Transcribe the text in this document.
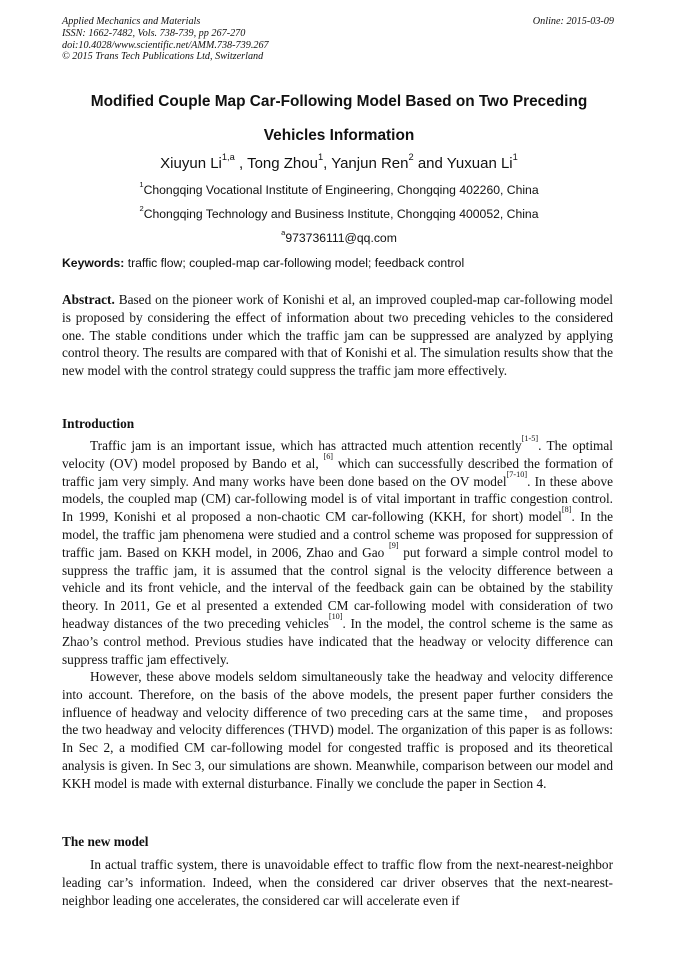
Applied Mechanics and Materials
ISSN: 1662-7482, Vols. 738-739, pp 267-270
doi:10.4028/www.scientific.net/AMM.738-739.267
© 2015 Trans Tech Publications Ltd, Switzerland
Online: 2015-03-09
Modified Couple Map Car-Following Model Based on Two Preceding
Vehicles Information
Xiuyun Li$^{1,a}$ , Tong Zhou$^1$, Yanjun Ren$^2$ and Yuxuan Li$^1$
$^1$Chongqing Vocational Institute of Engineering, Chongqing 402260, China
$^2$Chongqing Technology and Business Institute, Chongqing 400052, China
$^a$973736111@qq.com
Keywords: traffic flow; coupled-map car-following model; feedback control

Abstract. Based on the pioneer work of Konishi et al, an improved coupled-map car-following model is proposed by considering the effect of information about two preceding vehicles to the considered one. The stable conditions under which the traffic jam can be suppressed are analyzed by applying control theory. The results are compared with that of Konishi et al. The simulation results show that the new model with the control strategy could suppress the traffic jam more effectively.

Introduction

Traffic jam is an important issue, which has attracted much attention recently[1-5]. The optimal velocity (OV) model proposed by Bando et al, [6] which can successfully described the formation of traffic jam very simply. And many works have been done based on the OV model[7-10]. In these above models, the coupled map (CM) car-following model is of vital important in traffic congestion control. In 1999, Konishi et al proposed a non-chaotic CM car-following (KKH, for short) model[8]. In the model, the traffic jam phenomena were studied and a control scheme was proposed for suppression of traffic jam. Based on KKH model, in 2006, Zhao and Gao [9] put forward a simple control model to suppress the traffic jam, it is assumed that the control signal is the velocity difference between a vehicle and its front vehicle, and the interval of the feedback gain can be obtained by the stability theory. In 2011, Ge et al presented a extended CM car-following model with consideration of two headway distances of the two preceding vehicles[10]. In the model, the control scheme is the same as Zhao’s control method. Previous studies have indicated that the headway or velocity difference can suppress traffic jam effectively.

However, these above models seldom simultaneously take the headway and velocity difference into account. Therefore, on the basis of the above models, the present paper further considers the influence of headway and velocity difference of two preceding cars at the same time， and proposes the two headway and velocity differences (THVD) model. The organization of this paper is as follows: In Sec 2, a modified CM car-following model for congested traffic is proposed and its theoretical analysis is given. In Sec 3, our simulations are shown. Meanwhile, comparison between our model and KKH model is made with external disturbance. Finally we conclude the paper in Section 4.

The new model

In actual traffic system, there is unavoidable effect to traffic flow from the next-nearest-neighbor leading car’s information. Indeed, when the considered car driver observes that the next-nearest-neighbor leading one accelerates, the considered car will accelerate even if
